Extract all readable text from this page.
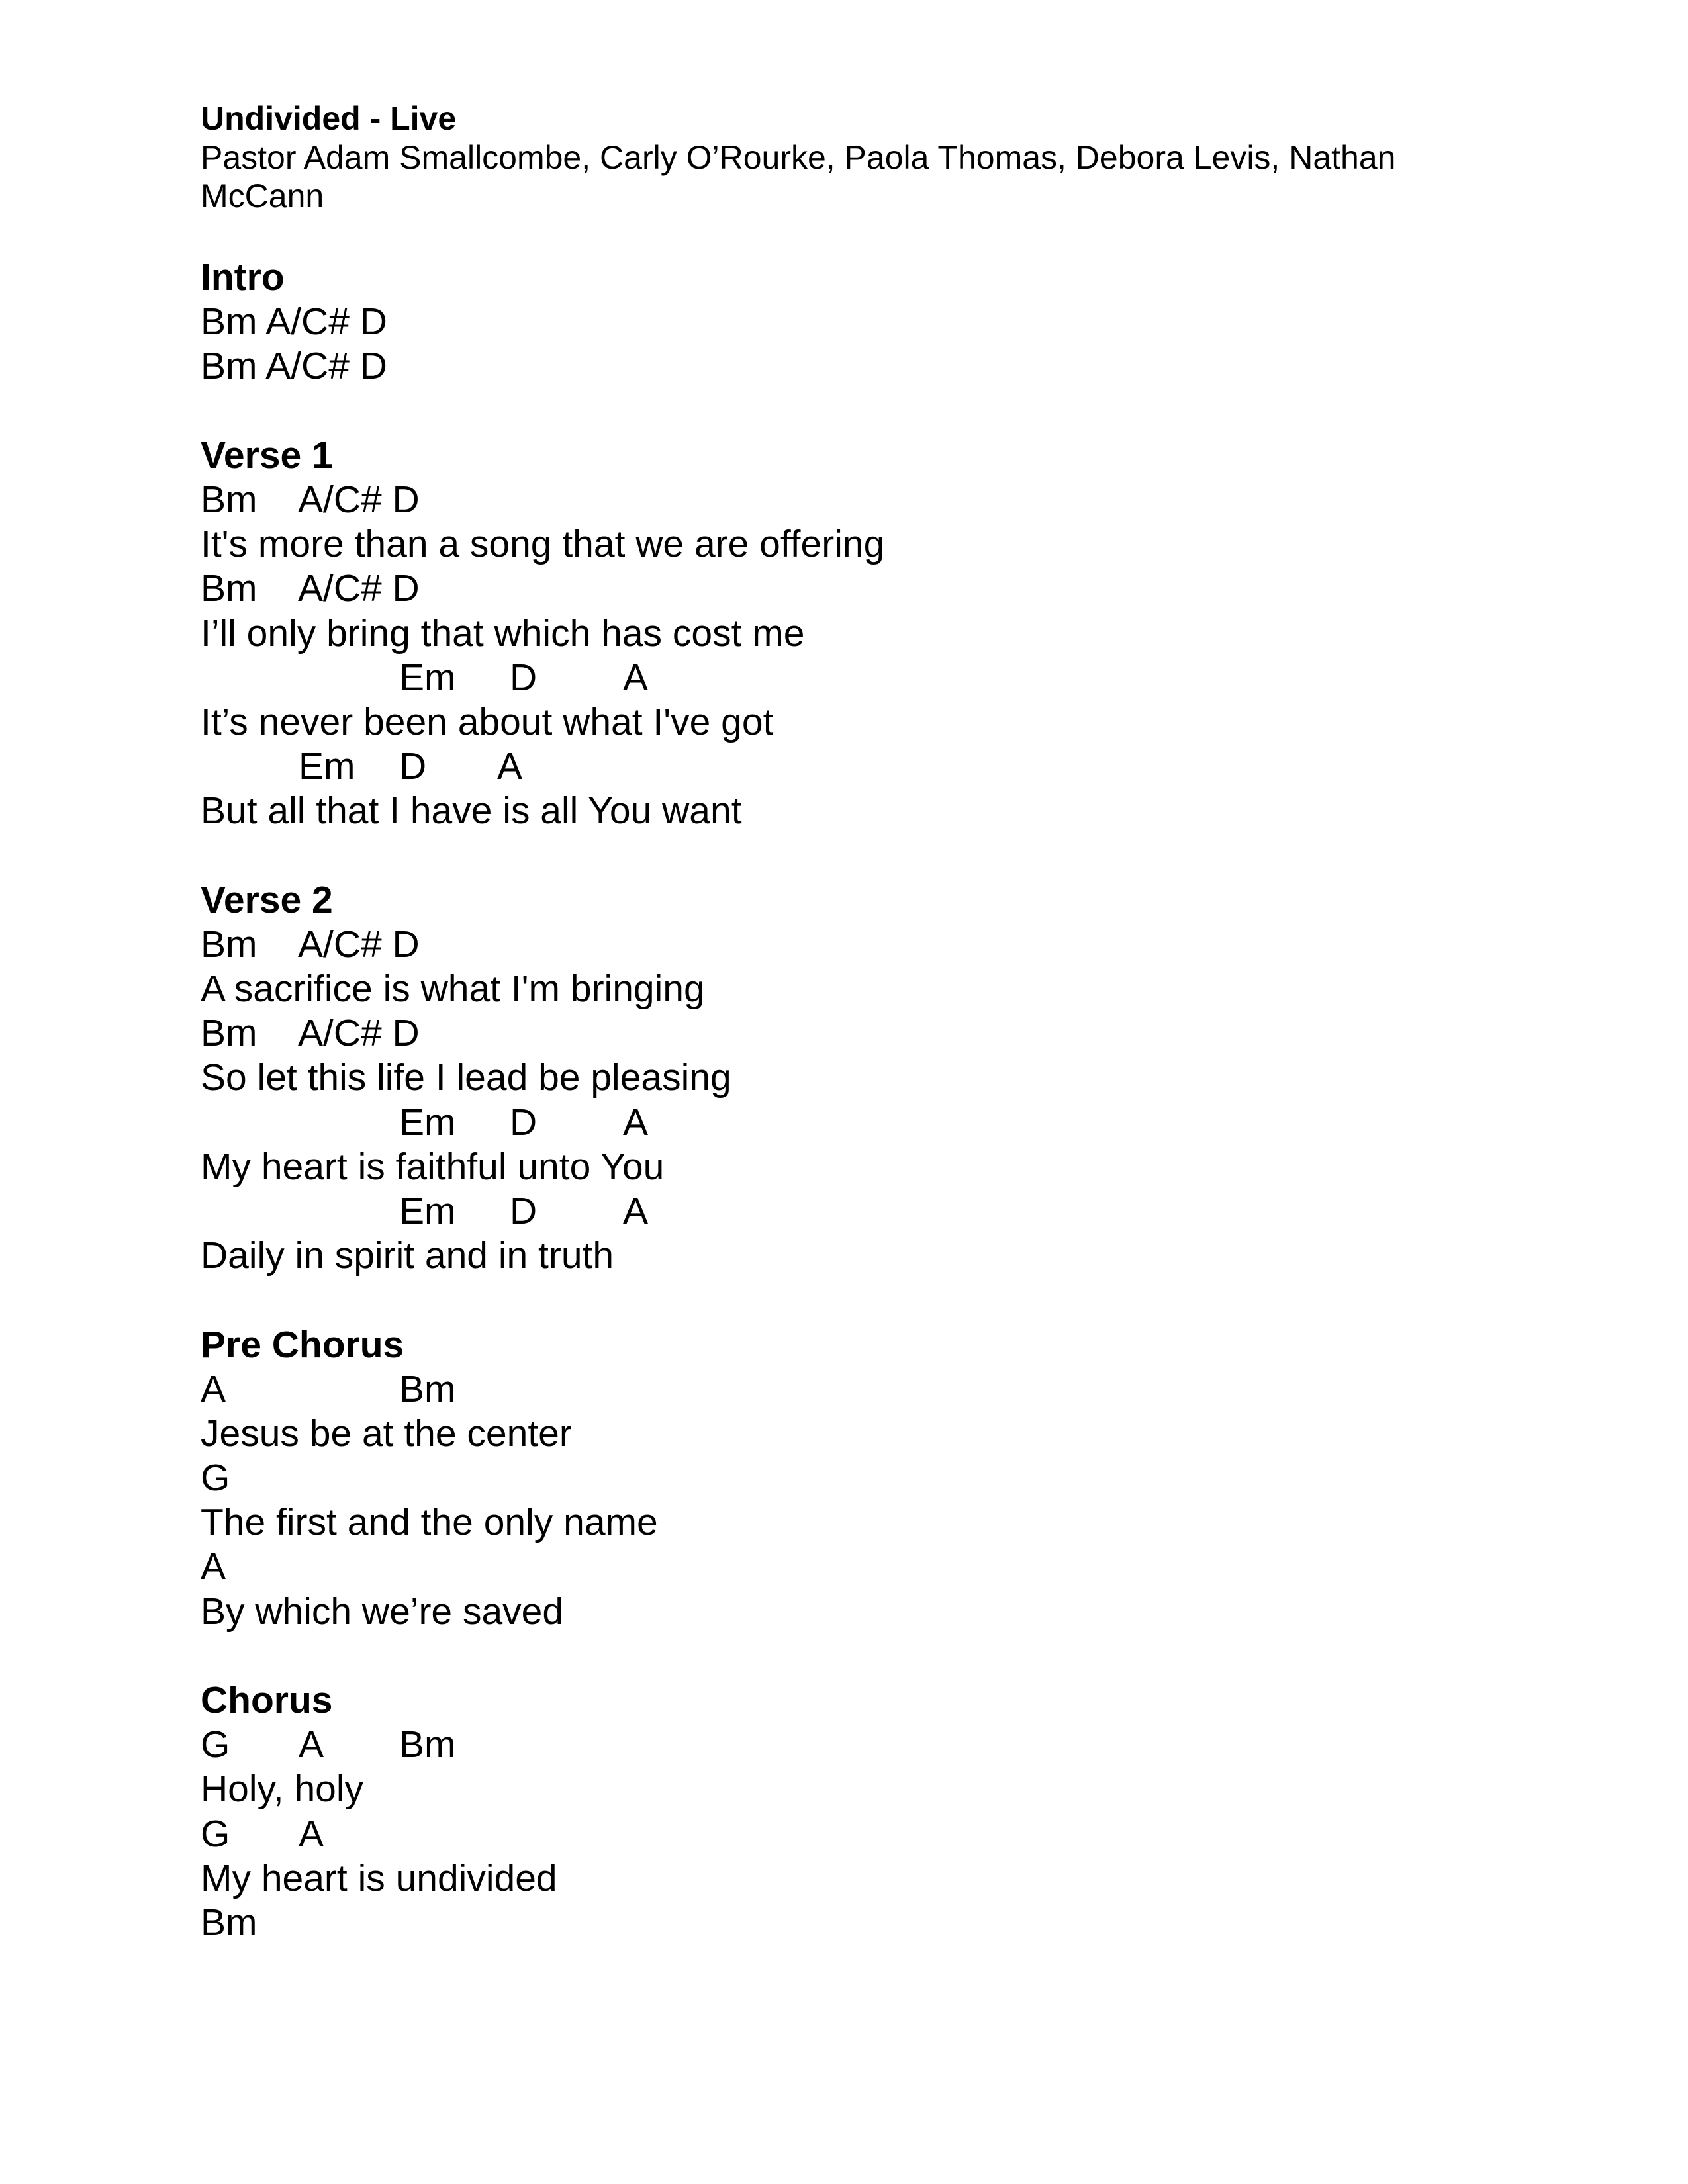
Undivided - Live
Pastor Adam Smallcombe, Carly O’Rourke, Paola Thomas, Debora Levis, Nathan McCann
Intro
Bm A/C# D
Bm A/C# D
Verse 1

Bm

A/C# D

It's more than a song that we are offering

Bm

A/C# D

I’ll only bring that which has cost me

Em

D

A

It’s never been about what I've got

Em

D

A

But all that I have is all You want
Verse 2

Bm

A/C# D

A sacrifice is what I'm bringing

Bm

A/C# D

So let this life I lead be pleasing

Em

D

A

My heart is faithful unto You

Em

D

A

Daily in spirit and in truth
Pre Chorus

A

	Bm

Jesus be at the center

G

The first and the only name

A

By which we’re saved
Chorus

G

A

Bm

Holy, holy

G

A

My heart is undivided

Bm
